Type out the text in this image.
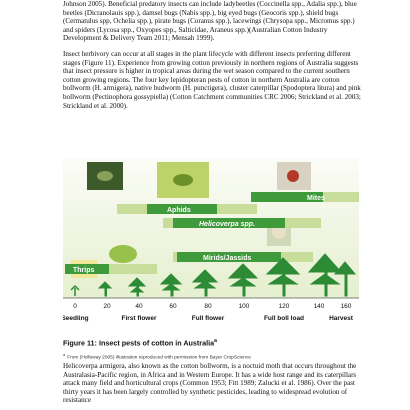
Johnson 2005). Beneficial predatory insects can include ladybeetles (Coccinella spp., Adalia spp.), blue beetles (Dicranolauis spp.), damsel bugs (Nabis spp.), big eyed bugs (Geocoris spp.), shield bugs (Cermatulus spp, Ochelia spp.), pirate bugs (Coranus spp.), lacewings (Chrysopa spp., Micromus spp.) and spiders (Lycosa spp., Oxyopes spp., Salticidae, Araneus spp.)(Australian Cotton Industry Development & Delivery Team 2011; Mensah 1999).

Insect herbivory can occur at all stages in the plant lifecycle with different insects preferring different stages (Figure 11). Experience from growing cotton previously in northern regions of Australia suggests that insect pressure is higher in tropical areas during the wet season compared to the current southern cotton growing regions. The four key lepidopteran pests of cotton in northern Australia are cotton bollworm (H. armigera), native budworm (H. punctigera), cluster caterpillar (Spodoptera litura) and pink bollworm (Pectinophora gossypiella) (Cotton Catchment communities CRC 2006; Strickland et al. 2003; Strickland et al. 2000).

Mites
Aphids
Helicoverpa spp.
Mirids/Jassids
Thrips
0	20	40	60	80	100	120	140 160
Seedling	First flower	Full flower	Full boll load	Harvest
Figure 11: Insect pests of cotton in Australia$^a$
$^a$From (Holloway 2005) illustration reproduced with permission from Bayer CropScience

Helicoverpa armigera, also known as the cotton bollworm, is a noctuid moth that occurs throughout the Australasia-Pacific region, in Africa and in Western Europe. It has a wide host range and its caterpillars attack many field and horticultural crops (Common 1953; Fitt 1989; Zalucki et al. 1986). Over the past thirty years it has been largely controlled by synthetic pesticides, leading to widespread evolution of resistance
